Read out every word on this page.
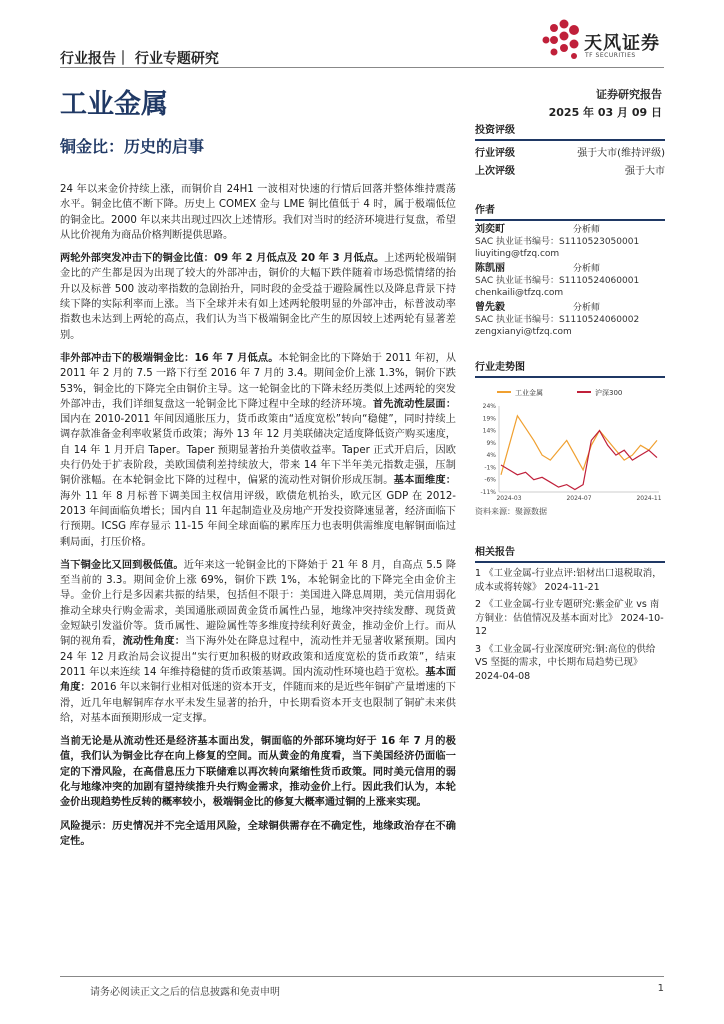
行业报告｜ 行业专题研究
天风证券
TF SECURITIES
工业金属
铜金比：历史的启事
证券研究报告
2025 年 03 月 09 日
投资评级
行业评级	强于大市(维持评级)
上次评级	强于大市
作者
刘奕町	分析师
SAC 执业证书编号：S1110523050001
liuyiting@tfzq.com
陈凯丽	分析师
SAC 执业证书编号：S1110524060001
chenkaili@tfzq.com
曾先毅	分析师
SAC 执业证书编号：S1110524060002
zengxianyi@tfzq.com
行业走势图
工业金属	沪深300
24%
19%
14%
9%
4%
-1%
-6%
-11%
2024-03	2024-07	2024-11
资料来源：聚源数据
相关报告
1 《工业金属-行业点评:铝材出口退税取消，成本或将转嫁》 2024-11-21
2 《工业金属-行业专题研究:紫金矿业 vs 南方铜业：估值情况及基本面对比》 2024-10-12
3 《工业金属-行业深度研究:铜:高位的供给 VS 坚挺的需求，中长期布局趋势已现》 2024-04-08

24 年以来金价持续上涨，而铜价自 24H1 一波相对快速的行情后回落并整体维持震荡水平。铜金比值不断下降。历史上 COMEX 金与 LME 铜比值低于 4 时，属于极端低位的铜金比。2000 年以来共出现过四次上述情形。我们对当时的经济环境进行复盘，希望从比价视角为商品价格判断提供思路。

两轮外部突发冲击下的铜金比值：09 年 2 月低点及 20 年 3 月低点。上述两轮极端铜金比的产生都是因为出现了较大的外部冲击，铜价的大幅下跌伴随着市场恐慌情绪的抬升以及标普 500 波动率指数的急剧抬升，同时段的金受益于避险属性以及降息背景下持续下降的实际利率而上涨。当下全球并未有如上述两轮般明显的外部冲击，标普波动率指数也未达到上两轮的高点，我们认为当下极端铜金比产生的原因较上述两轮有显著差别。

非外部冲击下的极端铜金比：16 年 7 月低点。本轮铜金比的下降始于 2011 年初，从 2011 年 2 月的 7.5 一路下行至 2016 年 7 月的 3.4。期间金价上涨 1.3%，铜价下跌 53%，铜金比的下降完全由铜价主导。这一轮铜金比的下降未经历类似上述两轮的突发外部冲击，我们详细复盘这一轮铜金比下降过程中全球的经济环境。首先流动性层面：国内在 2010-2011 年间因通胀压力，货币政策由“适度宽松”转向“稳健”，同时持续上调存款准备金利率收紧货币政策；海外 13 年 12 月美联储决定适度降低资产购买速度，自 14 年 1 月开启 Taper。Taper 预期显著抬升美债收益率。Taper 正式开启后，因欧央行仍处于扩表阶段，美欧国债利差持续放大，带来 14 年下半年美元指数走强，压制铜价涨幅。在本轮铜金比下降的过程中，偏紧的流动性对铜价形成压制。基本面维度：海外 11 年 8 月标普下调美国主权信用评级，欧债危机抬头，欧元区 GDP 在 2012-2013 年间面临负增长；国内自 11 年起制造业及房地产开发投资降速显著，经济面临下行预期。ICSG 库存显示 11-15 年间全球面临的累库压力也表明供需维度电解铜面临过剩局面，打压价格。

当下铜金比又回到极低值。近年来这一轮铜金比的下降始于 21 年 8 月，自高点 5.5 降至当前的 3.3。期间金价上涨 69%，铜价下跌 1%，本轮铜金比的下降完全由金价主导。金价上行是多因素共振的结果，包括但不限于：美国进入降息周期，美元信用弱化推动全球央行购金需求，美国通胀顽固黄金货币属性凸显，地缘冲突持续发酵、现货黄金短缺引发溢价等。货币属性、避险属性等多维度持续利好黄金，推动金价上行。而从铜的视角看，流动性角度：当下海外处在降息过程中，流动性并无显著收紧预期。国内 24 年 12 月政治局会议提出“实行更加积极的财政政策和适度宽松的货币政策”，结束 2011 年以来连续 14 年维持稳健的货币政策基调。国内流动性环境也趋于宽松。基本面角度：2016 年以来铜行业相对低迷的资本开支，伴随而来的是近些年铜矿产量增速的下滑，近几年电解铜库存水平未发生显著的抬升，中长期看资本开支也限制了铜矿未来供给，对基本面预期形成一定支撑。

当前无论是从流动性还是经济基本面出发，铜面临的外部环境均好于 16 年 7 月的极值，我们认为铜金比存在向上修复的空间。而从黄金的角度看，当下美国经济仍面临一定的下滑风险，在高借息压力下联储难以再次转向紧缩性货币政策。同时美元信用的弱化与地缘冲突的加剧有望持续推升央行购金需求，推动金价上行。因此我们认为，本轮金价出现趋势性反转的概率较小，极端铜金比的修复大概率通过铜的上涨来实现。

风险提示：历史情况并不完全适用风险，全球铜供需存在不确定性，地缘政治存在不确定性。

请务必阅读正文之后的信息披露和免责申明	1
